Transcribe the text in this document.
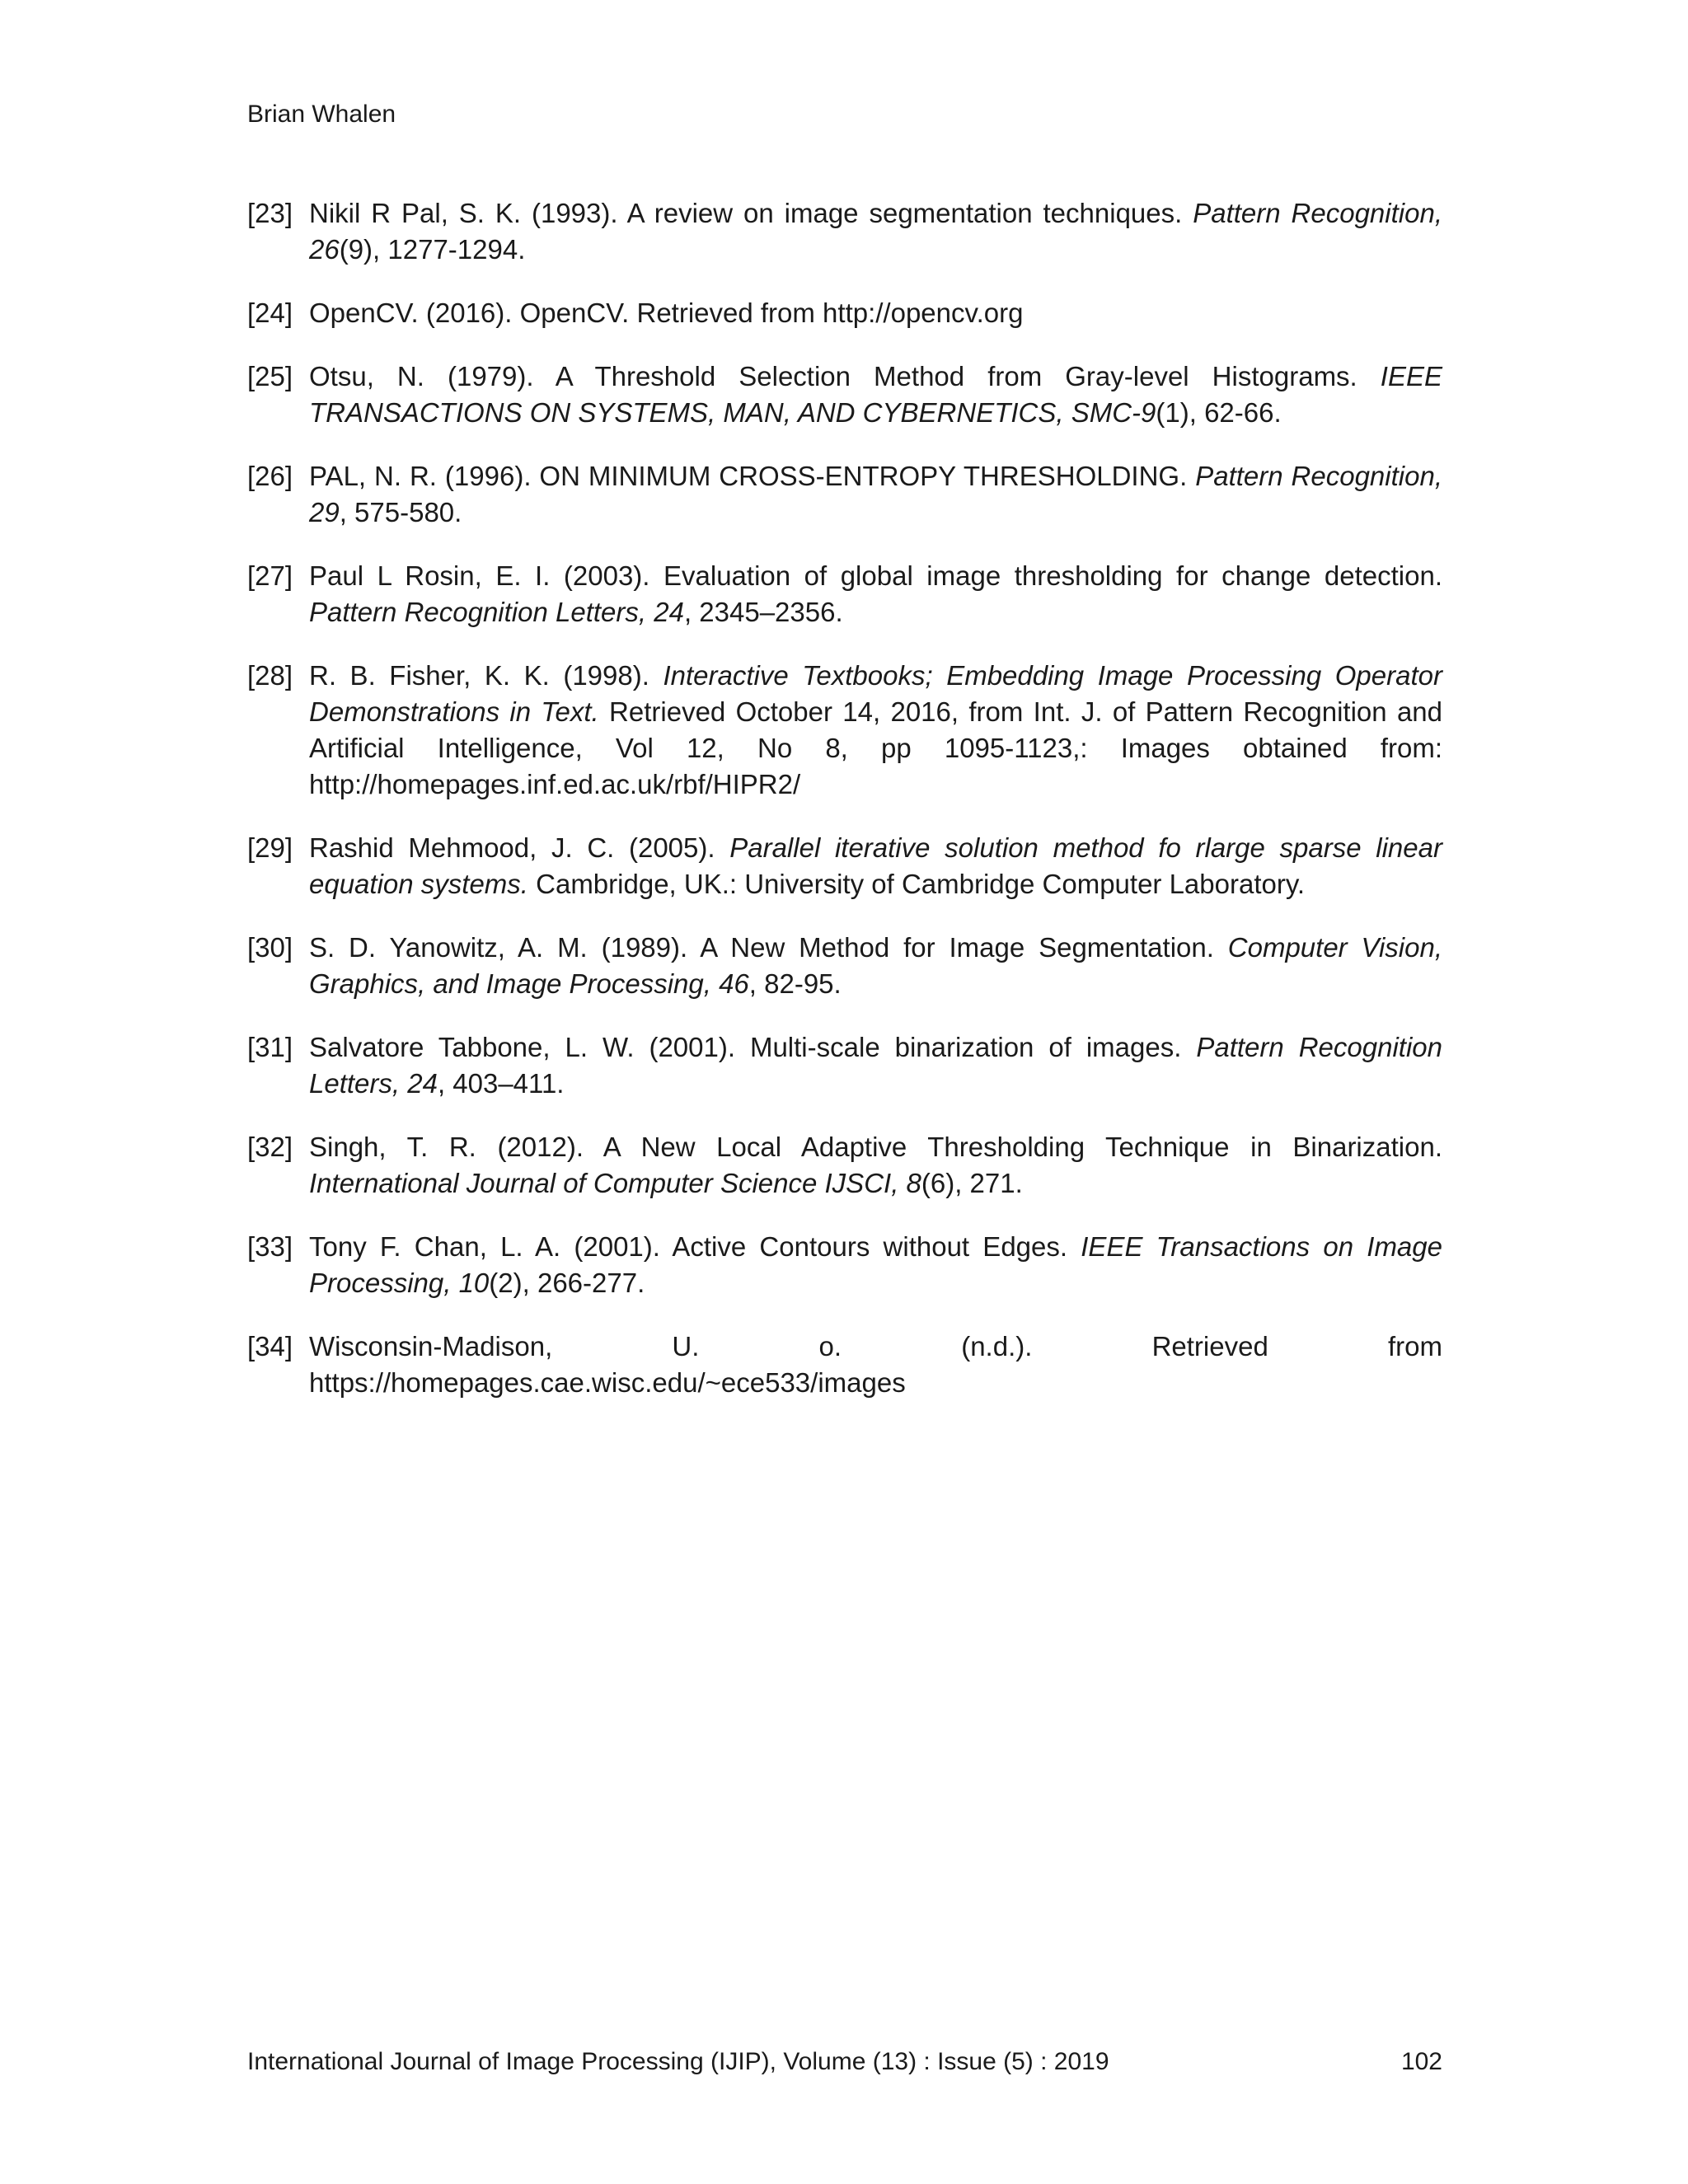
Brian Whalen
[23] Nikil R Pal, S. K. (1993). A review on image segmentation techniques. Pattern Recognition, 26(9), 1277-1294.
[24] OpenCV. (2016). OpenCV. Retrieved from http://opencv.org
[25] Otsu, N. (1979). A Threshold Selection Method from Gray-level Histograms. IEEE TRANSACTIONS ON SYSTEMS, MAN, AND CYBERNETICS, SMC-9(1), 62-66.
[26] PAL, N. R. (1996). ON MINIMUM CROSS-ENTROPY THRESHOLDING. Pattern Recognition, 29, 575-580.
[27] Paul L Rosin, E. I. (2003). Evaluation of global image thresholding for change detection. Pattern Recognition Letters, 24, 2345–2356.
[28] R. B. Fisher, K. K. (1998). Interactive Textbooks; Embedding Image Processing Operator Demonstrations in Text. Retrieved October 14, 2016, from Int. J. of Pattern Recognition and Artificial Intelligence, Vol 12, No 8, pp 1095-1123,: Images obtained from: http://homepages.inf.ed.ac.uk/rbf/HIPR2/
[29] Rashid Mehmood, J. C. (2005). Parallel iterative solution method fo rlarge sparse linear equation systems. Cambridge, UK.: University of Cambridge Computer Laboratory.
[30] S. D. Yanowitz, A. M. (1989). A New Method for Image Segmentation. Computer Vision, Graphics, and Image Processing, 46, 82-95.
[31] Salvatore Tabbone, L. W. (2001). Multi-scale binarization of images. Pattern Recognition Letters, 24, 403–411.
[32] Singh, T. R. (2012). A New Local Adaptive Thresholding Technique in Binarization. International Journal of Computer Science IJSCI, 8(6), 271.
[33] Tony F. Chan, L. A. (2001). Active Contours without Edges. IEEE Transactions on Image Processing, 10(2), 266-277.
[34] Wisconsin-Madison,	U.	o.	(n.d.).	Retrieved	from
https://homepages.cae.wisc.edu/~ece533/images
International Journal of Image Processing (IJIP), Volume (13) : Issue (5) : 2019	102
